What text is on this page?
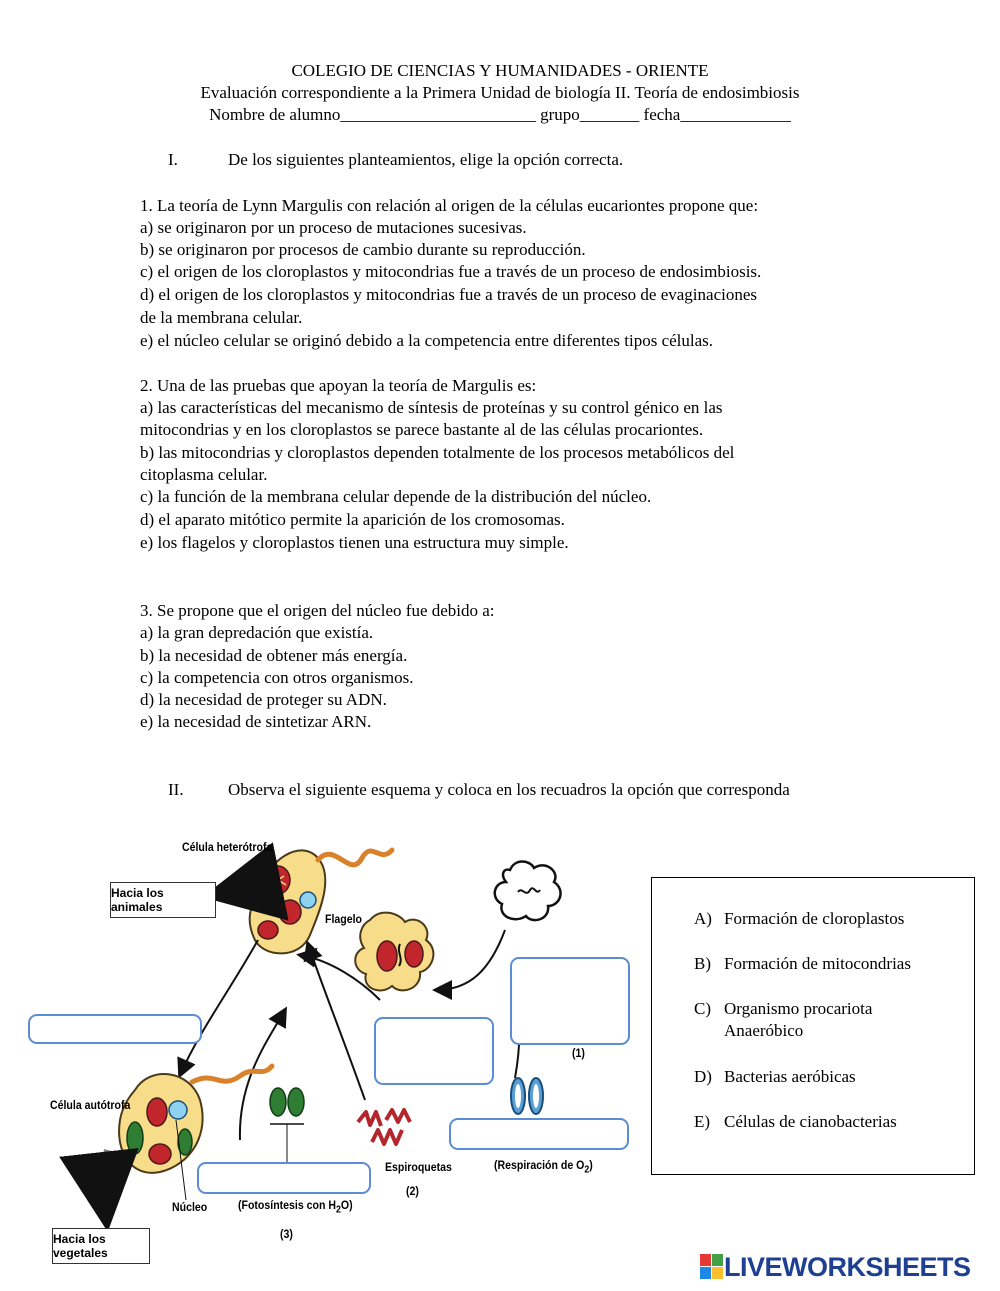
COLEGIO DE CIENCIAS Y HUMANIDADES - ORIENTE
Evaluación correspondiente a la Primera Unidad de biología II. Teoría de endosimbiosis
Nombre de alumno_______________________ grupo_______ fecha_____________
I.	De los siguientes planteamientos, elige la opción correcta.
1. La teoría de Lynn Margulis con relación al origen de la células eucariontes propone que:
a) se originaron por un proceso de mutaciones sucesivas.
b) se originaron por procesos de cambio durante su reproducción.
c) el origen de los cloroplastos y mitocondrias fue a través de un proceso de endosimbiosis.
d) el origen de los cloroplastos y mitocondrias fue a través de un proceso de evaginaciones
de la membrana celular.
e) el núcleo celular se originó debido a la competencia entre diferentes tipos células.
2. Una de las pruebas que apoyan la teoría de Margulis es:
a) las características del mecanismo de síntesis de proteínas y su control génico en las
mitocondrias y en los cloroplastos se parece bastante al de las células procariontes.
b) las mitocondrias y cloroplastos dependen totalmente de los procesos metabólicos del
citoplasma celular.
c) la función de la membrana celular depende de la distribución del núcleo.
d) el aparato mitótico permite la aparición de los cromosomas.
e) los flagelos y cloroplastos tienen una estructura muy simple.
3. Se propone que el origen del núcleo fue debido a:
a) la gran depredación que existía.
b) la necesidad de obtener más energía.
c) la competencia con otros organismos.
d) la necesidad de proteger su ADN.
e) la necesidad de sintetizar ARN.
II.	Observa el siguiente esquema y coloca en los recuadros la opción que corresponda
Célula heterótrofa
Hacia los animales
Flagelo
Célula autótrofa
Núcleo	(Fotosíntesis con $H_2O$)
(3)
Espiroquetas
(2)
(Respiración de $O_2$)
(1)
Hacia los vegetales
A) Formación de cloroplastos
B) Formación de mitocondrias
C) Organismo procariota
Anaeróbico
D) Bacterias aeróbicas
E) Células de cianobacterias
LIVEWORKSHEETS
